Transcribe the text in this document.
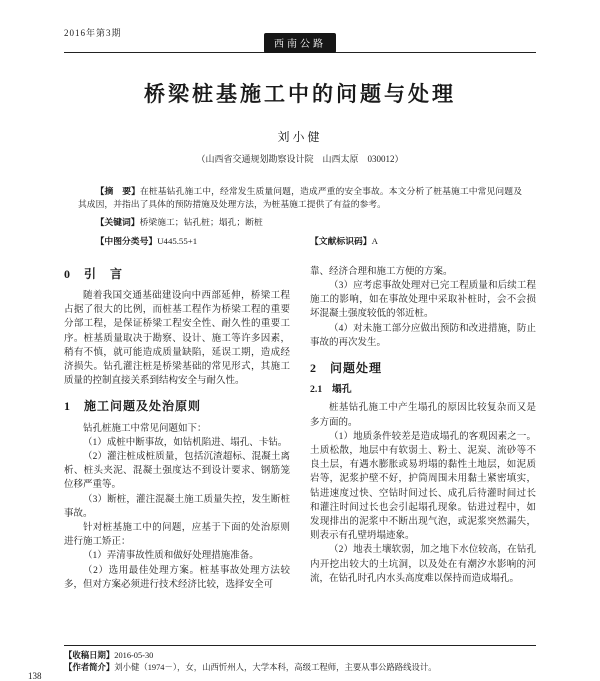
2016年第3期
西南公路
桥梁桩基施工中的问题与处理
刘小健
（山西省交通规划勘察设计院　山西太原　030012）

【摘　要】在桩基钻孔施工中，经常发生质量问题，造成严重的安全事故。本文分析了桩基施工中常见问题及其成因，并指出了具体的预防措施及处理方法，为桩基施工提供了有益的参考。

【关键词】桥梁施工；钻孔桩；塌孔；断桩

【中图分类号】U445.55+1	【文献标识码】A

0　引　言
随着我国交通基础建设向中西部延伸，桥梁工程占据了很大的比例，而桩基工程作为桥梁工程的重要分部工程，是保证桥梁工程安全性、耐久性的重要工序。桩基质量取决于勘察、设计、施工等许多因素，稍有不慎，就可能造成质量缺陷，延误工期，造成经济损失。钻孔灌注桩是桥梁基础的常见形式，其施工质量的控制直接关系到结构安全与耐久性。
1　施工问题及处治原则
钻孔桩施工中常见问题如下：
（1）成桩中断事故，如钻机陷进、塌孔、卡钻。
（2）灌注桩成桩质量，包括沉渣超标、混凝土离析、桩头夹泥、混凝土强度达不到设计要求、钢筋笼位移严重等。
（3）断桩，灌注混凝土施工质量失控，发生断桩事故。
针对桩基施工中的问题，应基于下面的处治原则进行施工矫正：
（1）弄清事故性质和做好处理措施准备。
（2）选用最佳处理方案。桩基事故处理方法较多，但对方案必须进行技术经济比较，选择安全可
靠、经济合理和施工方便的方案。
（3）应考虑事故处理对已完工程质量和后续工程施工的影响，如在事故处理中采取补桩时，会不会损坏混凝土强度较低的邻近桩。
（4）对未施工部分应做出预防和改进措施，防止事故的再次发生。
2　问题处理
2.1　塌孔
桩基钻孔施工中产生塌孔的原因比较复杂而又是多方面的。
（1）地质条件较差是造成塌孔的客观因素之一。土质松散，地层中有软弱土、粉土、泥炭、流砂等不良土层，有遇水膨胀或易坍塌的黏性土地层，如泥质岩等，泥浆护壁不好，护筒周围未用黏土紧密填实，钻进速度过快、空钻时间过长、成孔后待灌时间过长和灌注时间过长也会引起塌孔现象。钻进过程中，如发现排出的泥浆中不断出现气泡，或泥浆突然漏失，则表示有孔壁坍塌迹象。
（2）地表土壤软弱，加之地下水位较高，在钻孔内开挖出较大的土坑洞，以及处在有潮汐水影响的河流，在钻孔时孔内水头高度难以保持而造成塌孔。

【收稿日期】2016-05-30

【作者简介】刘小健（1974－），女，山西忻州人，大学本科，高级工程师，主要从事公路路线设计。

138
